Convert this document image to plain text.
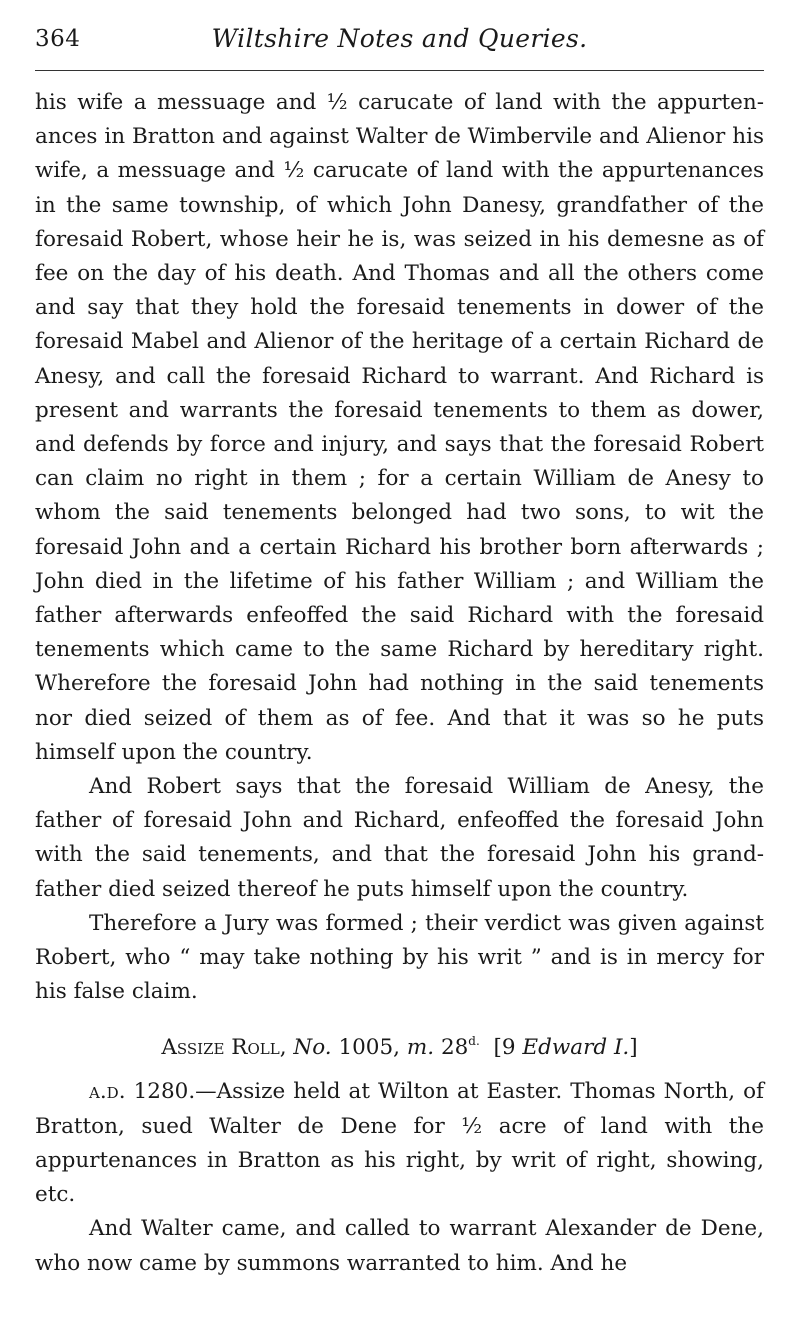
364	Wiltshire Notes and Queries.

his wife a messuage and ½ carucate of land with the appurtenances in Bratton and against Walter de Wimbervile and Alienor his wife, a messuage and ½ carucate of land with the appurtenances in the same township, of which John Danesy, grandfather of the foresaid Robert, whose heir he is, was seized in his demesne as of fee on the day of his death. And Thomas and all the others come and say that they hold the foresaid tenements in dower of the foresaid Mabel and Alienor of the heritage of a certain Richard de Anesy, and call the foresaid Richard to warrant. And Richard is present and warrants the foresaid tenements to them as dower, and defends by force and injury, and says that the foresaid Robert can claim no right in them ; for a certain William de Anesy to whom the said tenements belonged had two sons, to wit the foresaid John and a certain Richard his brother born afterwards ; John died in the lifetime of his father William ; and William the father afterwards enfeoffed the said Richard with the foresaid tenements which came to the same Richard by hereditary right. Wherefore the foresaid John had nothing in the said tenements nor died seized of them as of fee. And that it was so he puts himself upon the country.

And Robert says that the foresaid William de Anesy, the father of foresaid John and Richard, enfeoffed the foresaid John with the said tenements, and that the foresaid John his grandfather died seized thereof he puts himself upon the country.

Therefore a Jury was formed ; their verdict was given against Robert, who “ may take nothing by his writ ” and is in mercy for his false claim.

Assize Roll, No. 1005, m. $28^{d.}$ [9 Edward I.]

a.d. 1280.—Assize held at Wilton at Easter. Thomas North, of Bratton, sued Walter de Dene for ½ acre of land with the appurtenances in Bratton as his right, by writ of right, showing, etc.

And Walter came, and called to warrant Alexander de Dene, who now came by summons warranted to him. And he
